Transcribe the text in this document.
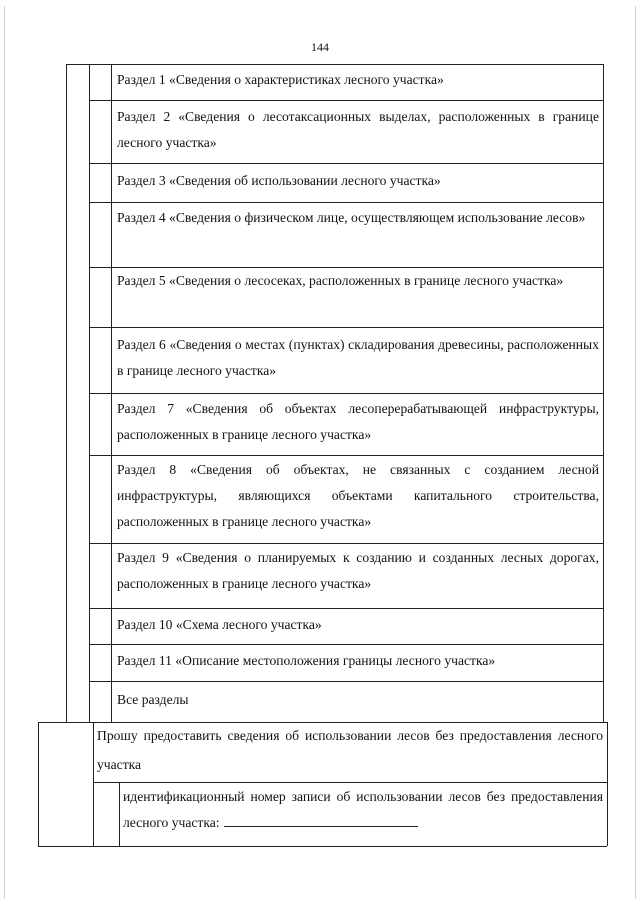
144
Раздел 1 «Сведения о характеристиках лесного участка»
Раздел 2 «Сведения о лесотаксационных выделах, расположенных в границе лесного участка»
Раздел 3 «Сведения об использовании лесного участка»
Раздел 4 «Сведения о физическом лице, осуществляющем использование лесов»
Раздел 5 «Сведения о лесосеках, расположенных в границе лесного участка»
Раздел 6 «Сведения о местах (пунктах) складирования древесины, расположенных в границе лесного участка»
Раздел 7 «Сведения об объектах лесоперерабатывающей инфраструктуры, расположенных в границе лесного участка»
Раздел 8 «Сведения об объектах, не связанных с созданием лесной инфраструктуры, являющихся объектами капитального строительства, расположенных в границе лесного участка»
Раздел 9 «Сведения о планируемых к созданию и созданных лесных дорогах, расположенных в границе лесного участка»
Раздел 10 «Схема лесного участка»
Раздел 11 «Описание местоположения границы лесного участка»
Все разделы
Прошу предоставить сведения об использовании лесов без предоставления лесного участка
идентификационный номер записи об использовании лесов без предоставления лесного участка:
